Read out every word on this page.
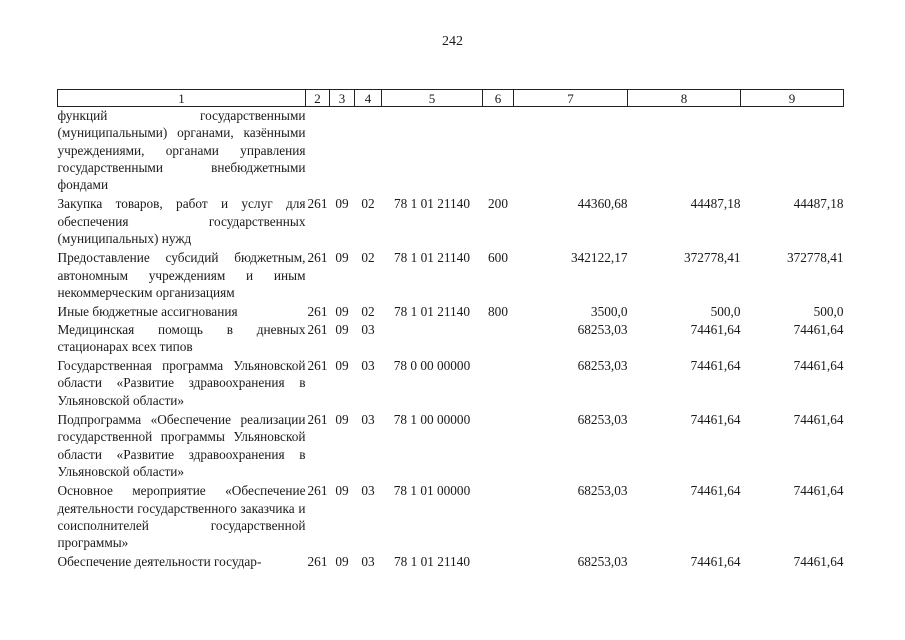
242
1	2	3	4	5	6	7	8	9
функций государственными (муниципальными) органами, казёнными учреждениями, органами управления государственными внебюджетными фондами								
Закупка товаров, работ и услуг для обеспечения государственных (муниципальных) нужд	261	09	02	78 1 01 21140	200	44360,68	44487,18	44487,18
Предоставление субсидий бюджетным, автономным учреждениям и иным некоммерческим организациям	261	09	02	78 1 01 21140	600	342122,17	372778,41	372778,41
Иные бюджетные ассигнования	261	09	02	78 1 01 21140	800	3500,0	500,0	500,0
Медицинская помощь в дневных стационарах всех типов	261	09	03			68253,03	74461,64	74461,64
Государственная программа Ульяновской области «Развитие здравоохранения в Ульяновской области»	261	09	03	78 0 00 00000		68253,03	74461,64	74461,64
Подпрограмма «Обеспечение реализации государственной программы Ульяновской области «Развитие здравоохранения в Ульяновской области»	261	09	03	78 1 00 00000		68253,03	74461,64	74461,64
Основное мероприятие «Обеспечение деятельности государственного заказчика и соисполнителей государственной программы»	261	09	03	78 1 01 00000		68253,03	74461,64	74461,64
Обеспечение деятельности государ-	261	09	03	78 1 01 21140		68253,03	74461,64	74461,64
